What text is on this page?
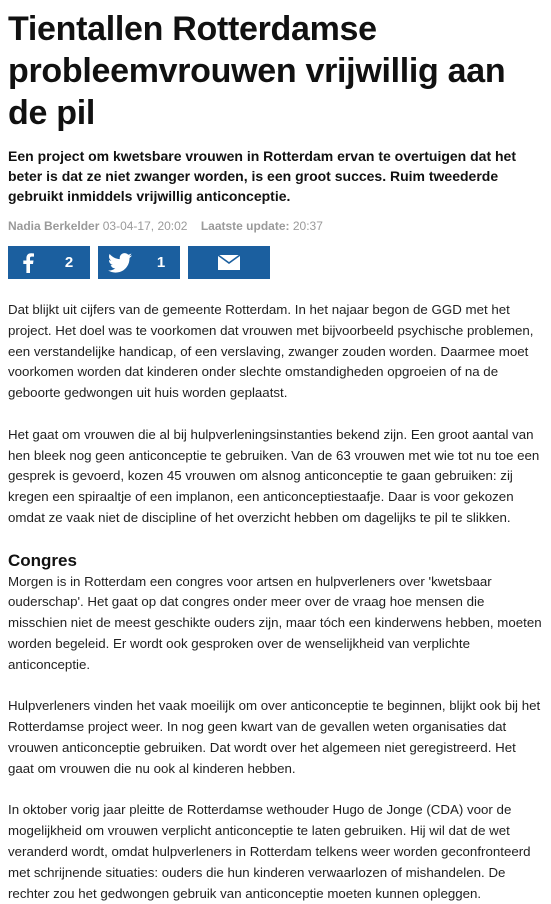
Tientallen Rotterdamse probleemvrouwen vrijwillig aan de pil

Een project om kwetsbare vrouwen in Rotterdam ervan te overtuigen dat het beter is dat ze niet zwanger worden, is een groot succes. Ruim tweederde gebruikt inmiddels vrijwillig anticonceptie.

Nadia Berkelder 03-04-17, 20:02 Laatste update: 20:37
2	1

Dat blijkt uit cijfers van de gemeente Rotterdam. In het najaar begon de GGD met het project. Het doel was te voorkomen dat vrouwen met bijvoorbeeld psychische problemen, een verstandelijke handicap, of een verslaving, zwanger zouden worden. Daarmee moet voorkomen worden dat kinderen onder slechte omstandigheden opgroeien of na de geboorte gedwongen uit huis worden geplaatst.

Het gaat om vrouwen die al bij hulpverleningsinstanties bekend zijn. Een groot aantal van hen bleek nog geen anticonceptie te gebruiken. Van de 63 vrouwen met wie tot nu toe een gesprek is gevoerd, kozen 45 vrouwen om alsnog anticonceptie te gaan gebruiken: zij kregen een spiraaltje of een implanon, een anticonceptiestaafje. Daar is voor gekozen omdat ze vaak niet de discipline of het overzicht hebben om dagelijks te pil te slikken.

Congres

Morgen is in Rotterdam een congres voor artsen en hulpverleners over 'kwetsbaar ouderschap'. Het gaat op dat congres onder meer over de vraag hoe mensen die misschien niet de meest geschikte ouders zijn, maar tóch een kinderwens hebben, moeten worden begeleid. Er wordt ook gesproken over de wenselijkheid van verplichte anticonceptie.

Hulpverleners vinden het vaak moeilijk om over anticonceptie te beginnen, blijkt ook bij het Rotterdamse project weer. In nog geen kwart van de gevallen weten organisaties dat vrouwen anticonceptie gebruiken. Dat wordt over het algemeen niet geregistreerd. Het gaat om vrouwen die nu ook al kinderen hebben.

In oktober vorig jaar pleitte de Rotterdamse wethouder Hugo de Jonge (CDA) voor de mogelijkheid om vrouwen verplicht anticonceptie te laten gebruiken. Hij wil dat de wet veranderd wordt, omdat hulpverleners in Rotterdam telkens weer worden geconfronteerd met schrijnende situaties: ouders die hun kinderen verwaarlozen of mishandelen. De rechter zou het gedwongen gebruik van anticonceptie moeten kunnen opleggen.
